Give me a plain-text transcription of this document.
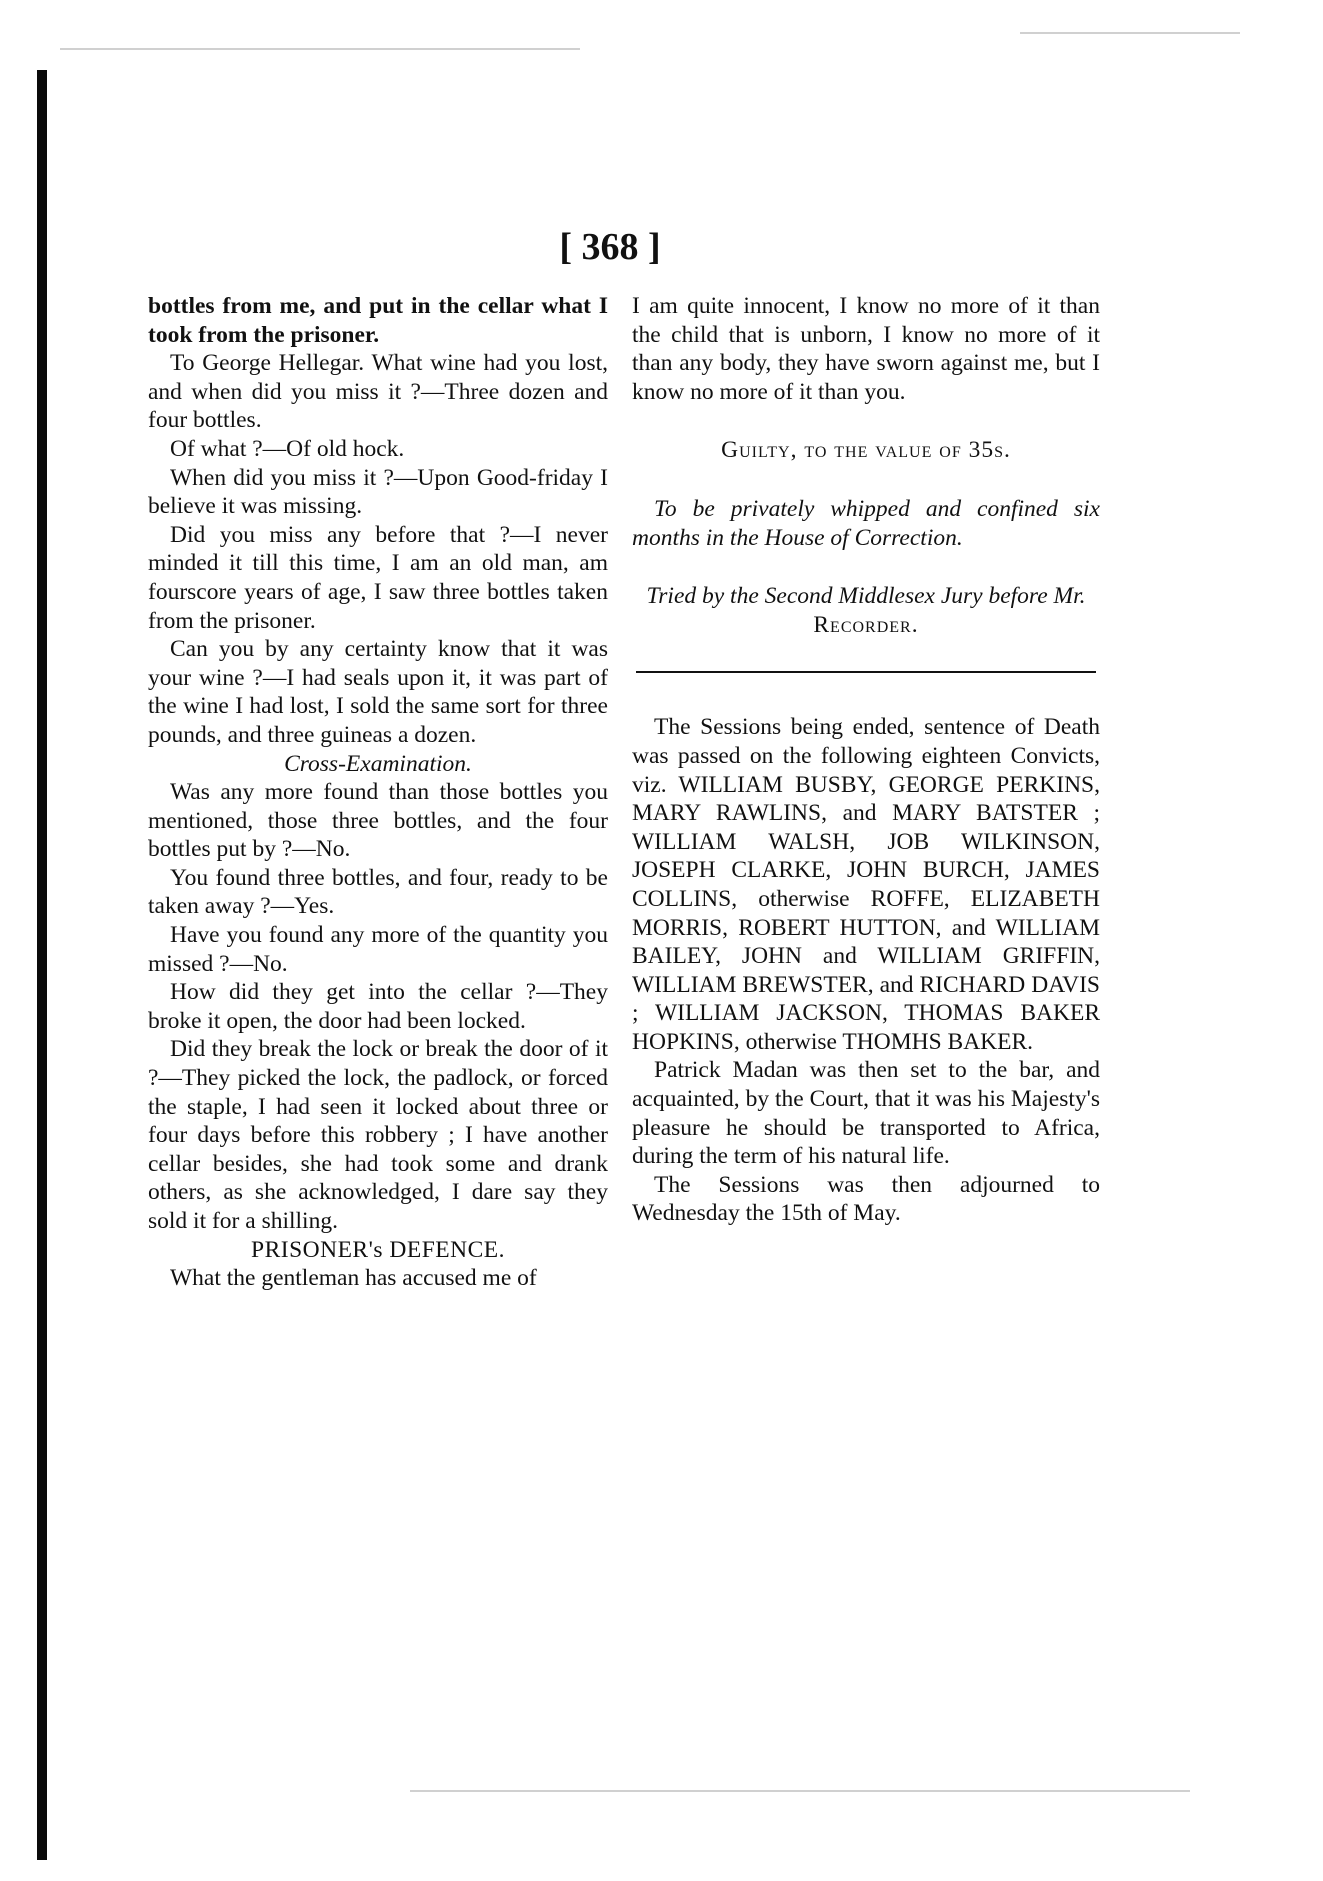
[ 368 ]

bottles from me, and put in the cellar what I took from the prisoner.

To George Hellegar. What wine had you lost, and when did you miss it ?—Three dozen and four bottles.

Of what ?—Of old hock.

When did you miss it ?—Upon Good-friday I believe it was missing.

Did you miss any before that ?—I never minded it till this time, I am an old man, am fourscore years of age, I saw three bottles taken from the prisoner.

Can you by any certainty know that it was your wine ?—I had seals upon it, it was part of the wine I had lost, I sold the same sort for three pounds, and three guineas a dozen.

Cross-Examination.

Was any more found than those bottles you mentioned, those three bottles, and the four bottles put by ?—No.

You found three bottles, and four, ready to be taken away ?—Yes.

Have you found any more of the quantity you missed ?—No.

How did they get into the cellar ?—They broke it open, the door had been locked.

Did they break the lock or break the door of it ?—They picked the lock, the padlock, or forced the staple, I had seen it locked about three or four days before this robbery ; I have another cellar besides, she had took some and drank others, as she acknowledged, I dare say they sold it for a shilling.

PRISONER's DEFENCE.

What the gentleman has accused me of

I am quite innocent, I know no more of it than the child that is unborn, I know no more of it than any body, they have sworn against me, but I know no more of it than you.

Guilty, to the value of 35s.

To be privately whipped and confined six months in the House of Correction.

Tried by the Second Middlesex Jury before Mr.

Recorder.

The Sessions being ended, sentence of Death was passed on the following eighteen Convicts, viz. WILLIAM BUSBY, GEORGE PERKINS, MARY RAWLINS, and MARY BATSTER ; WILLIAM WALSH, JOB WILKINSON, JOSEPH CLARKE, JOHN BURCH, JAMES COLLINS, otherwise ROFFE, ELIZABETH MORRIS, ROBERT HUTTON, and WILLIAM BAILEY, JOHN and WILLIAM GRIFFIN, WILLIAM BREWSTER, and RICHARD DAVIS ; WILLIAM JACKSON, THOMAS BAKER HOPKINS, otherwise THOMHS BAKER.

Patrick Madan was then set to the bar, and acquainted, by the Court, that it was his Majesty's pleasure he should be transported to Africa, during the term of his natural life.

The Sessions was then adjourned to Wednesday the 15th of May.
